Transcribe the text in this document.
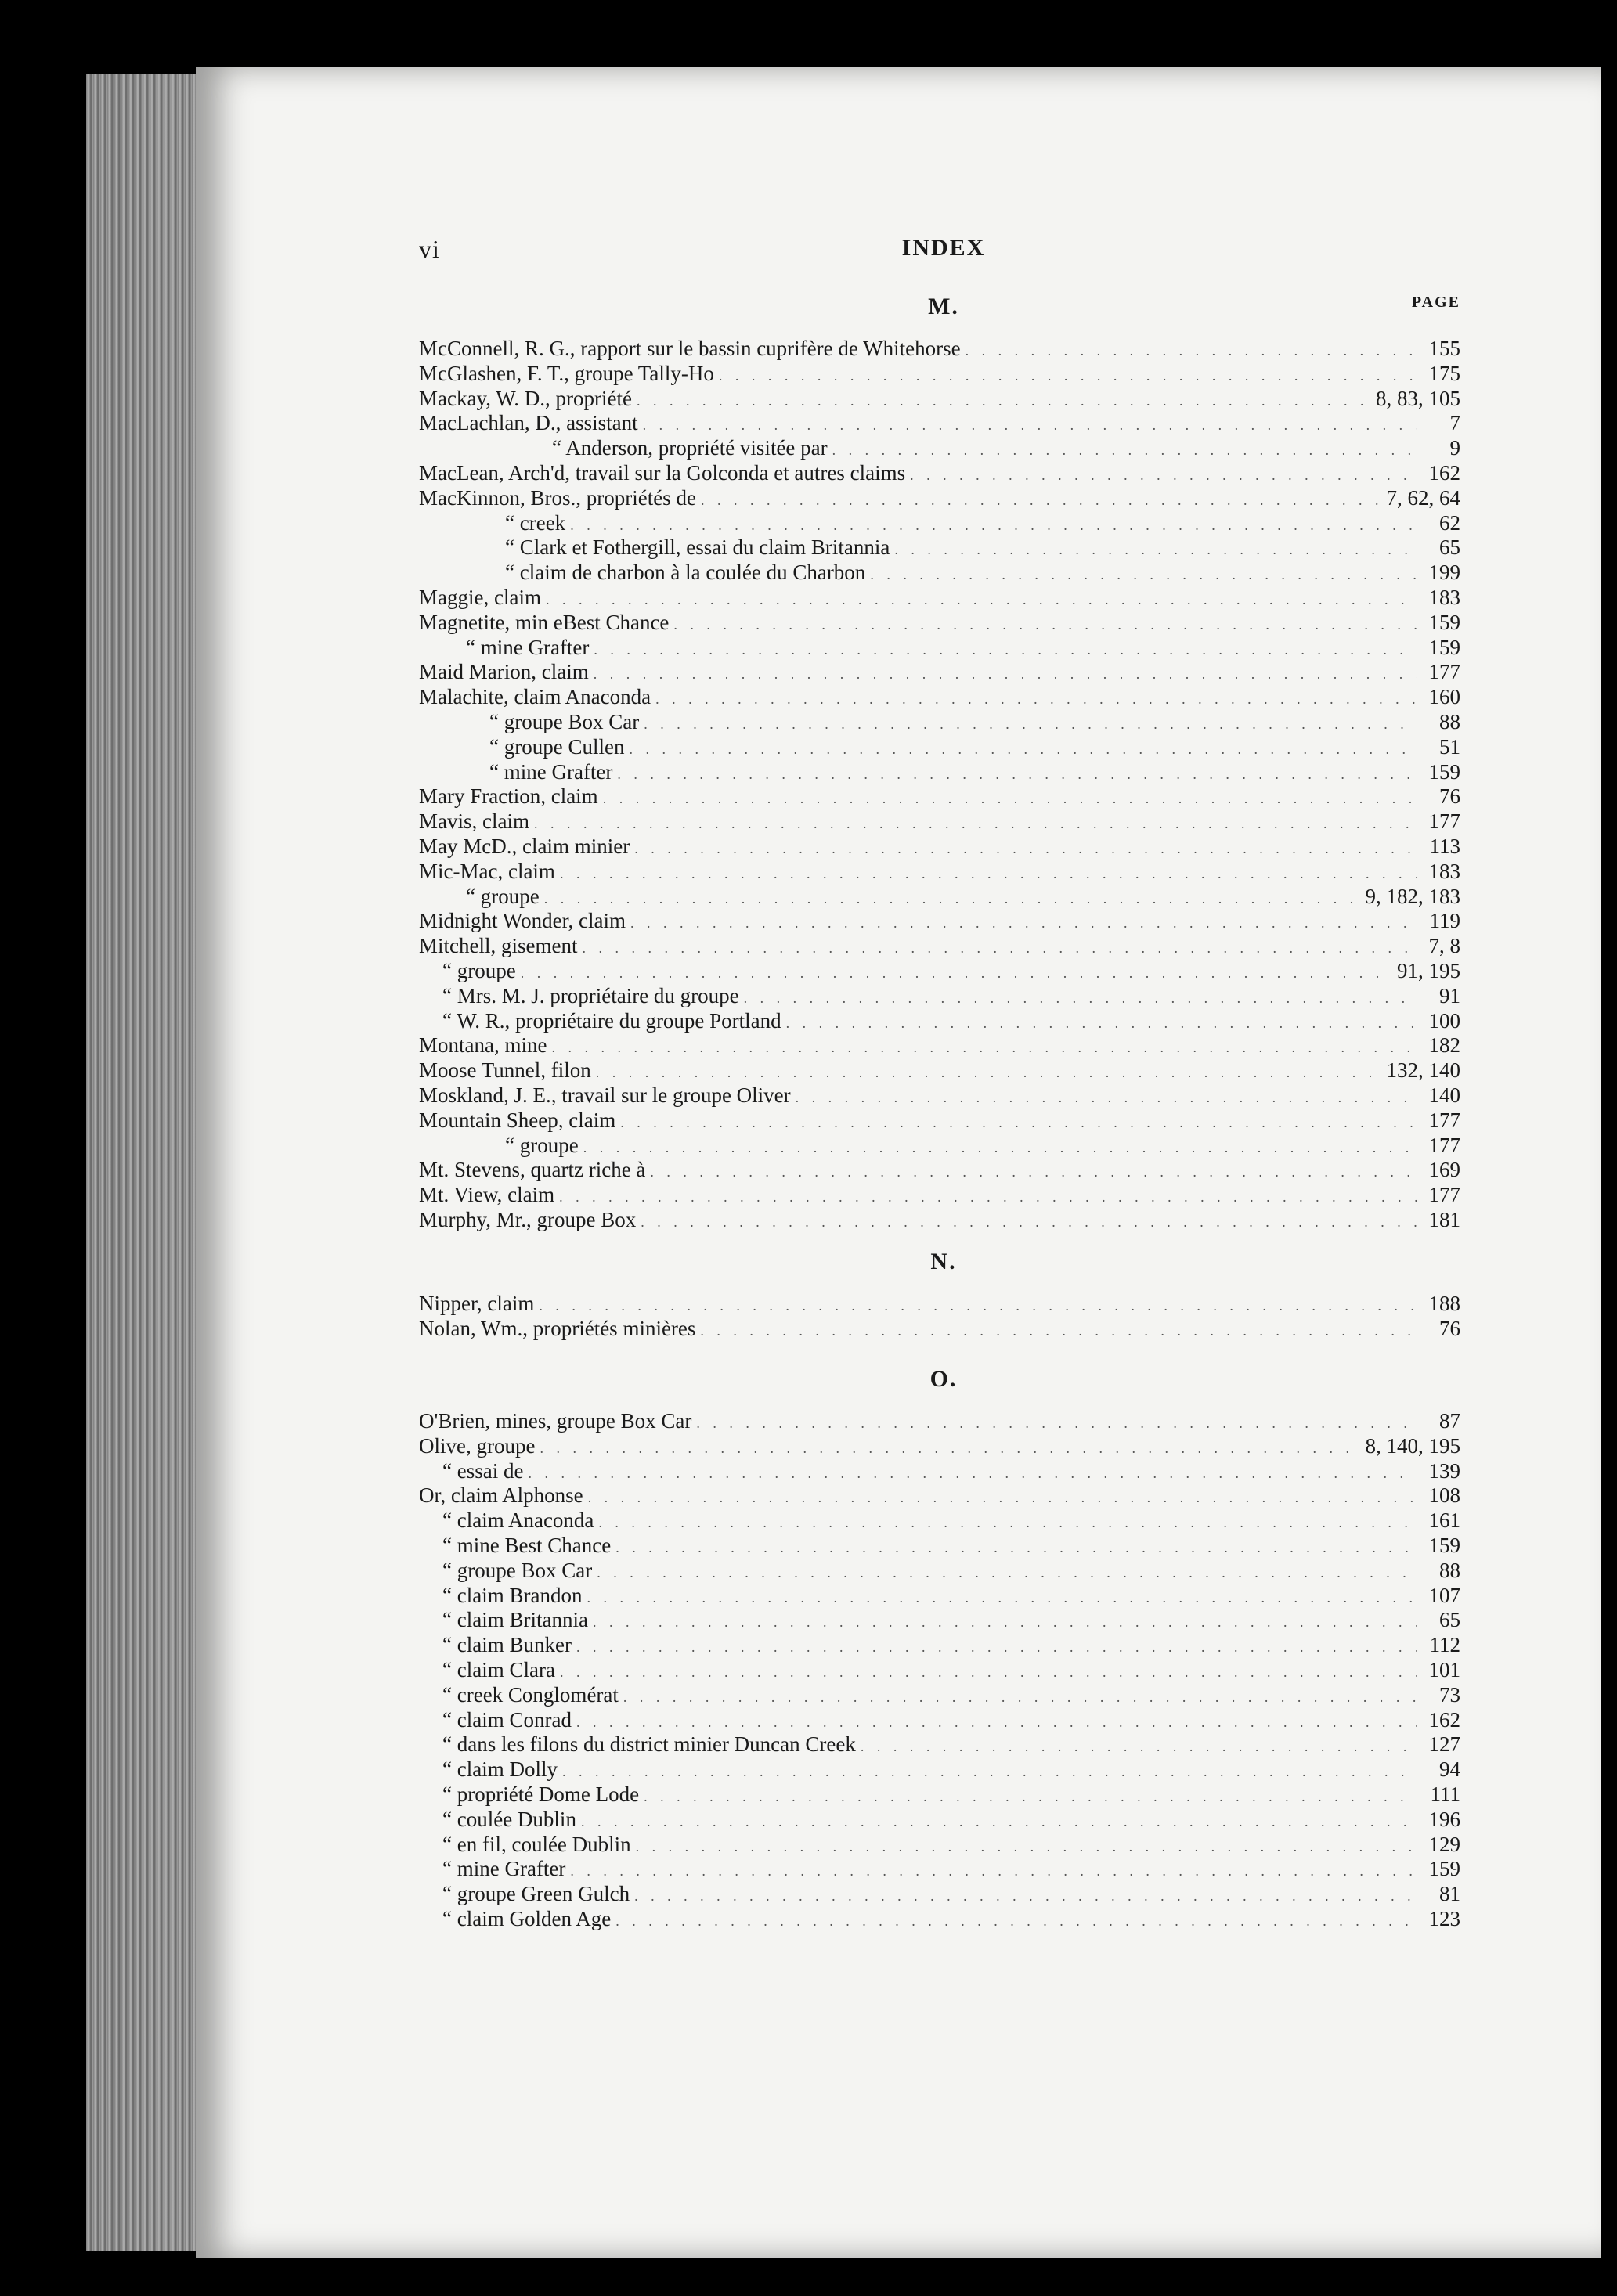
vi	INDEX
M.	PAGE
McConnell, R. G., rapport sur le bassin cuprifère de Whitehorse . . .	155
McGlashen, F. T., groupe Tally-Ho . . .	175
Mackay, W. D., propriété . . .	8, 83, 105
MacLachlan, D., assistant . . .	7
“ Anderson, propriété visitée par . . .	9
MacLean, Arch'd, travail sur la Golconda et autres claims . . .	162
MacKinnon, Bros., propriétés de . . .	7, 62, 64
“ creek . . .	62
“ Clark et Fothergill, essai du claim Britannia . . .	65
“ claim de charbon à la coulée du Charbon . . .	199
Maggie, claim . . .	183
Magnetite, min eBest Chance . . .	159
“ mine Grafter . . .	159
Maid Marion, claim . . .	177
Malachite, claim Anaconda . . .	160
“ groupe Box Car . . .	88
“ groupe Cullen . . .	51
“ mine Grafter . . .	159
Mary Fraction, claim . . .	76
Mavis, claim . . .	177
May McD., claim minier . . .	113
Mic-Mac, claim . . .	183
“ groupe . . .	9, 182, 183
Midnight Wonder, claim . . .	119
Mitchell, gisement . . .	7, 8
“ groupe . . .	91, 195
“ Mrs. M. J. propriétaire du groupe . . .	91
“ W. R., propriétaire du groupe Portland . . .	100
Montana, mine . . .	182
Moose Tunnel, filon . . .	132, 140
Moskland, J. E., travail sur le groupe Oliver . . .	140
Mountain Sheep, claim . . .	177
“ groupe . . .	177
Mt. Stevens, quartz riche à . . .	169
Mt. View, claim . . .	177
Murphy, Mr., groupe Box . . .	181
N.
Nipper, claim . . .	188
Nolan, Wm., propriétés minières . . .	76
O.
O'Brien, mines, groupe Box Car . . .	87
Olive, groupe . . .	8, 140, 195
“ essai de . . .	139
Or, claim Alphonse . . .	108
“ claim Anaconda . . .	161
“ mine Best Chance . . .	159
“ groupe Box Car . . .	88
“ claim Brandon . . .	107
“ claim Britannia . . .	65
“ claim Bunker . . .	112
“ claim Clara . . .	101
“ creek Conglomérat . . .	73
“ claim Conrad . . .	162
“ dans les filons du district minier Duncan Creek . . .	127
“ claim Dolly . . .	94
“ propriété Dome Lode . . .	111
“ coulée Dublin . . .	196
“ en fil, coulée Dublin . . .	129
“ mine Grafter . . .	159
“ groupe Green Gulch . . .	81
“ claim Golden Age . . .	123
